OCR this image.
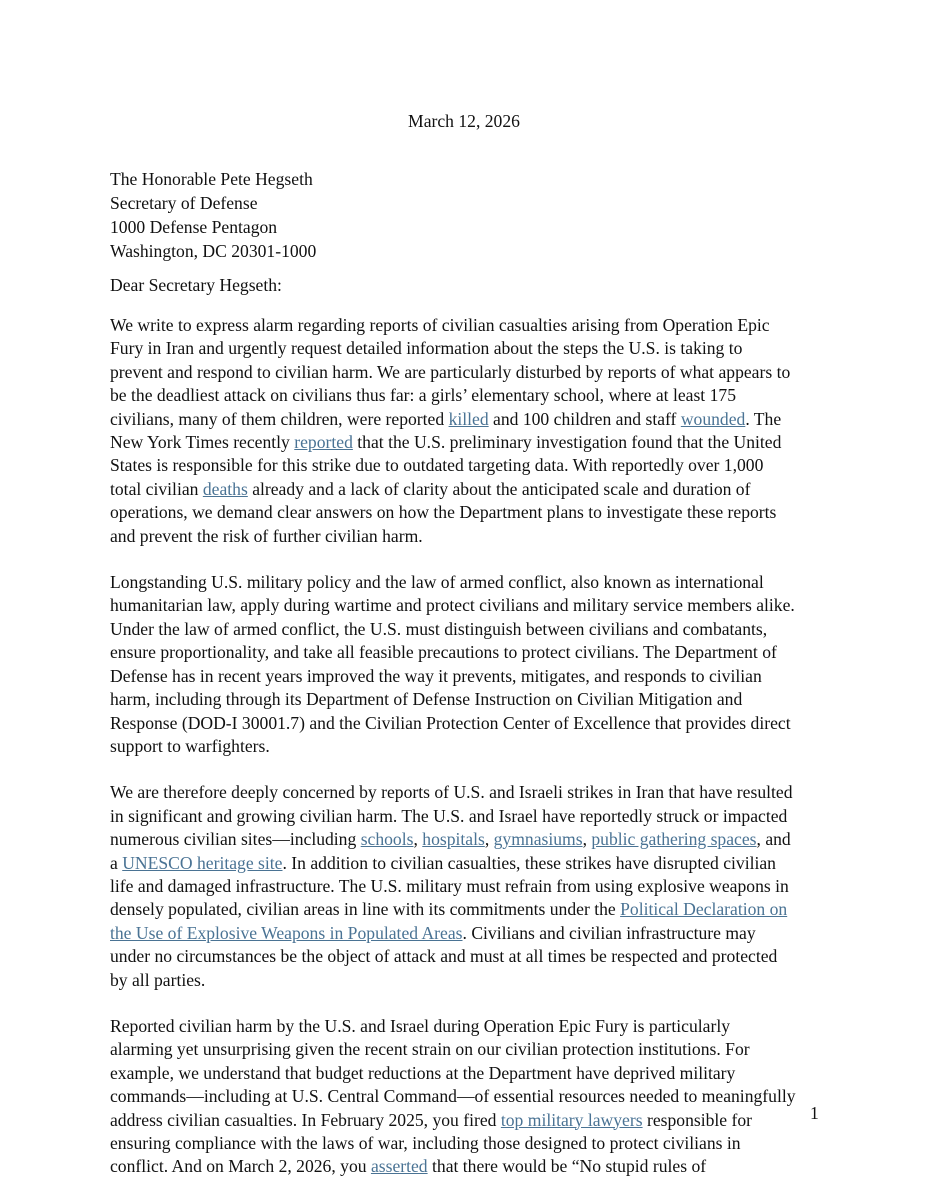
March 12, 2026
The Honorable Pete Hegseth
Secretary of Defense
1000 Defense Pentagon
Washington, DC 20301-1000
Dear Secretary Hegseth:
We write to express alarm regarding reports of civilian casualties arising from Operation Epic
Fury in Iran and urgently request detailed information about the steps the U.S. is taking to
prevent and respond to civilian harm. We are particularly disturbed by reports of what appears to
be the deadliest attack on civilians thus far: a girls’ elementary school, where at least 175
civilians, many of them children, were reported killed and 100 children and staff wounded. The
New York Times recently reported that the U.S. preliminary investigation found that the United
States is responsible for this strike due to outdated targeting data. With reportedly over 1,000
total civilian deaths already and a lack of clarity about the anticipated scale and duration of
operations, we demand clear answers on how the Department plans to investigate these reports
and prevent the risk of further civilian harm.
Longstanding U.S. military policy and the law of armed conflict, also known as international
humanitarian law, apply during wartime and protect civilians and military service members alike.
Under the law of armed conflict, the U.S. must distinguish between civilians and combatants,
ensure proportionality, and take all feasible precautions to protect civilians. The Department of
Defense has in recent years improved the way it prevents, mitigates, and responds to civilian
harm, including through its Department of Defense Instruction on Civilian Mitigation and
Response (DOD-I 30001.7) and the Civilian Protection Center of Excellence that provides direct
support to warfighters.
We are therefore deeply concerned by reports of U.S. and Israeli strikes in Iran that have resulted
in significant and growing civilian harm. The U.S. and Israel have reportedly struck or impacted
numerous civilian sites—including schools, hospitals, gymnasiums, public gathering spaces, and
a UNESCO heritage site. In addition to civilian casualties, these strikes have disrupted civilian
life and damaged infrastructure. The U.S. military must refrain from using explosive weapons in
densely populated, civilian areas in line with its commitments under the Political Declaration on
the Use of Explosive Weapons in Populated Areas. Civilians and civilian infrastructure may
under no circumstances be the object of attack and must at all times be respected and protected
by all parties.
Reported civilian harm by the U.S. and Israel during Operation Epic Fury is particularly
alarming yet unsurprising given the recent strain on our civilian protection institutions. For
example, we understand that budget reductions at the Department have deprived military
commands—including at U.S. Central Command—of essential resources needed to meaningfully
address civilian casualties. In February 2025, you fired top military lawyers responsible for
ensuring compliance with the laws of war, including those designed to protect civilians in
conflict. And on March 2, 2026, you asserted that there would be “No stupid rules of
1
